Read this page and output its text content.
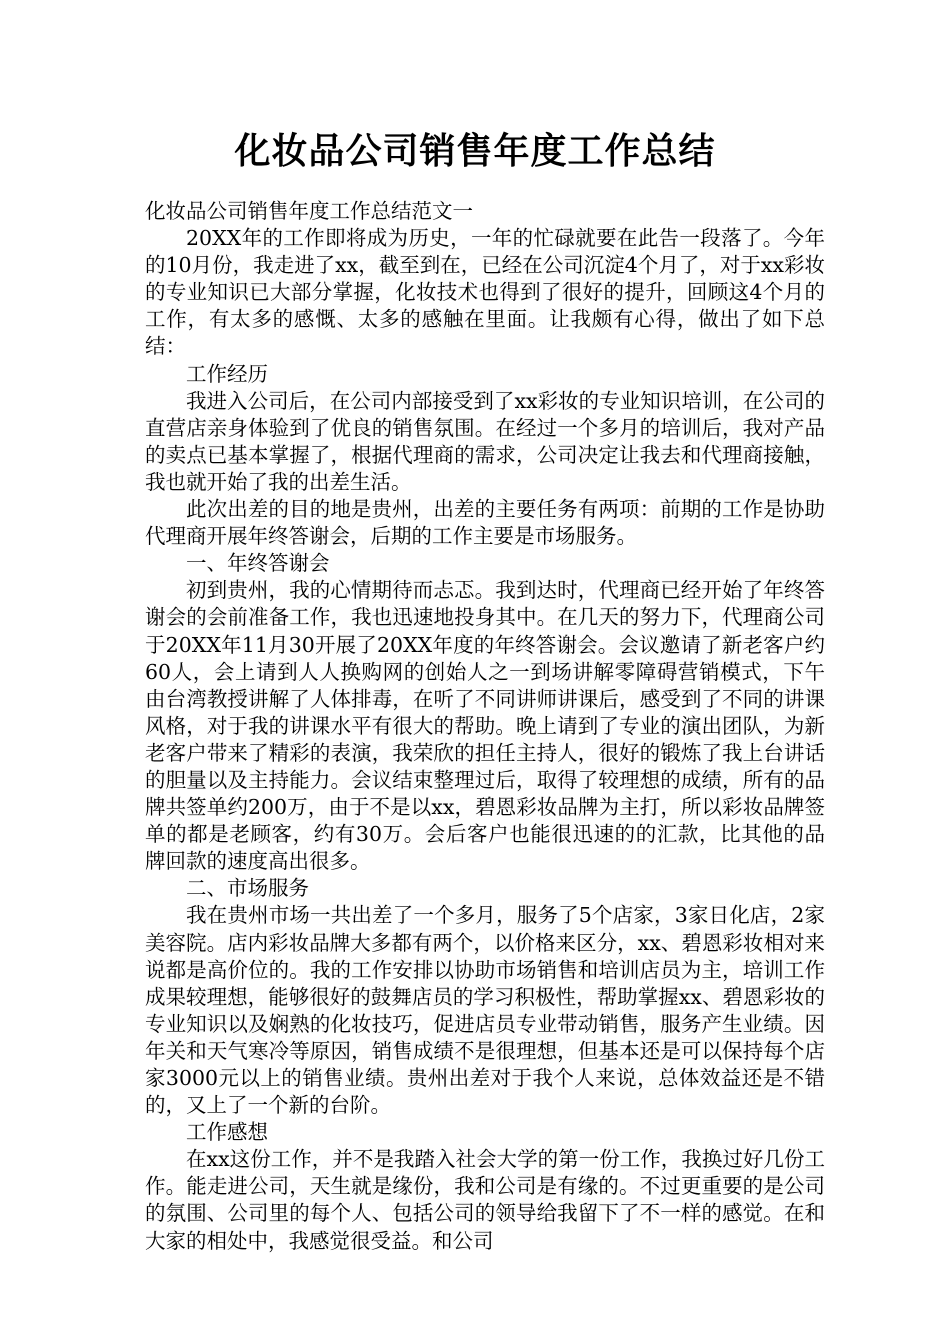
化妆品公司销售年度工作总结

化妆品公司销售年度工作总结范文一

20XX年的工作即将成为历史，一年的忙碌就要在此告一段落了。今年的10月份，我走进了xx，截至到在，已经在公司沉淀4个月了，对于xx彩妆的专业知识已大部分掌握，化妆技术也得到了很好的提升，回顾这4个月的工作，有太多的感慨、太多的感触在里面。让我颇有心得，做出了如下总结：

工作经历

我进入公司后，在公司内部接受到了xx彩妆的专业知识培训，在公司的直营店亲身体验到了优良的销售氛围。在经过一个多月的培训后，我对产品的卖点已基本掌握了，根据代理商的需求，公司决定让我去和代理商接触，我也就开始了我的出差生活。

此次出差的目的地是贵州，出差的主要任务有两项：前期的工作是协助代理商开展年终答谢会，后期的工作主要是市场服务。

一、年终答谢会

初到贵州，我的心情期待而忐忑。我到达时，代理商已经开始了年终答谢会的会前准备工作，我也迅速地投身其中。在几天的努力下，代理商公司于20XX年11月30开展了20XX年度的年终答谢会。会议邀请了新老客户约60人，会上请到人人换购网的创始人之一到场讲解零障碍营销模式，下午由台湾教授讲解了人体排毒，在听了不同讲师讲课后，感受到了不同的讲课风格，对于我的讲课水平有很大的帮助。晚上请到了专业的演出团队，为新老客户带来了精彩的表演，我荣欣的担任主持人，很好的锻炼了我上台讲话的胆量以及主持能力。会议结束整理过后，取得了较理想的成绩，所有的品牌共签单约200万，由于不是以xx，碧恩彩妆品牌为主打，所以彩妆品牌签单的都是老顾客，约有30万。会后客户也能很迅速的的汇款，比其他的品牌回款的速度高出很多。

二、市场服务

我在贵州市场一共出差了一个多月，服务了5个店家，3家日化店，2家美容院。店内彩妆品牌大多都有两个，以价格来区分，xx、碧恩彩妆相对来说都是高价位的。我的工作安排以协助市场销售和培训店员为主，培训工作成果较理想，能够很好的鼓舞店员的学习积极性，帮助掌握xx、碧恩彩妆的专业知识以及娴熟的化妆技巧，促进店员专业带动销售，服务产生业绩。因年关和天气寒冷等原因，销售成绩不是很理想，但基本还是可以保持每个店家3000元以上的销售业绩。贵州出差对于我个人来说，总体效益还是不错的，又上了一个新的台阶。

工作感想

在xx这份工作，并不是我踏入社会大学的第一份工作，我换过好几份工作。能走进公司，天生就是缘份，我和公司是有缘的。不过更重要的是公司的氛围、公司里的每个人、包括公司的领导给我留下了不一样的感觉。在和大家的相处中，我感觉很受益。和公司
